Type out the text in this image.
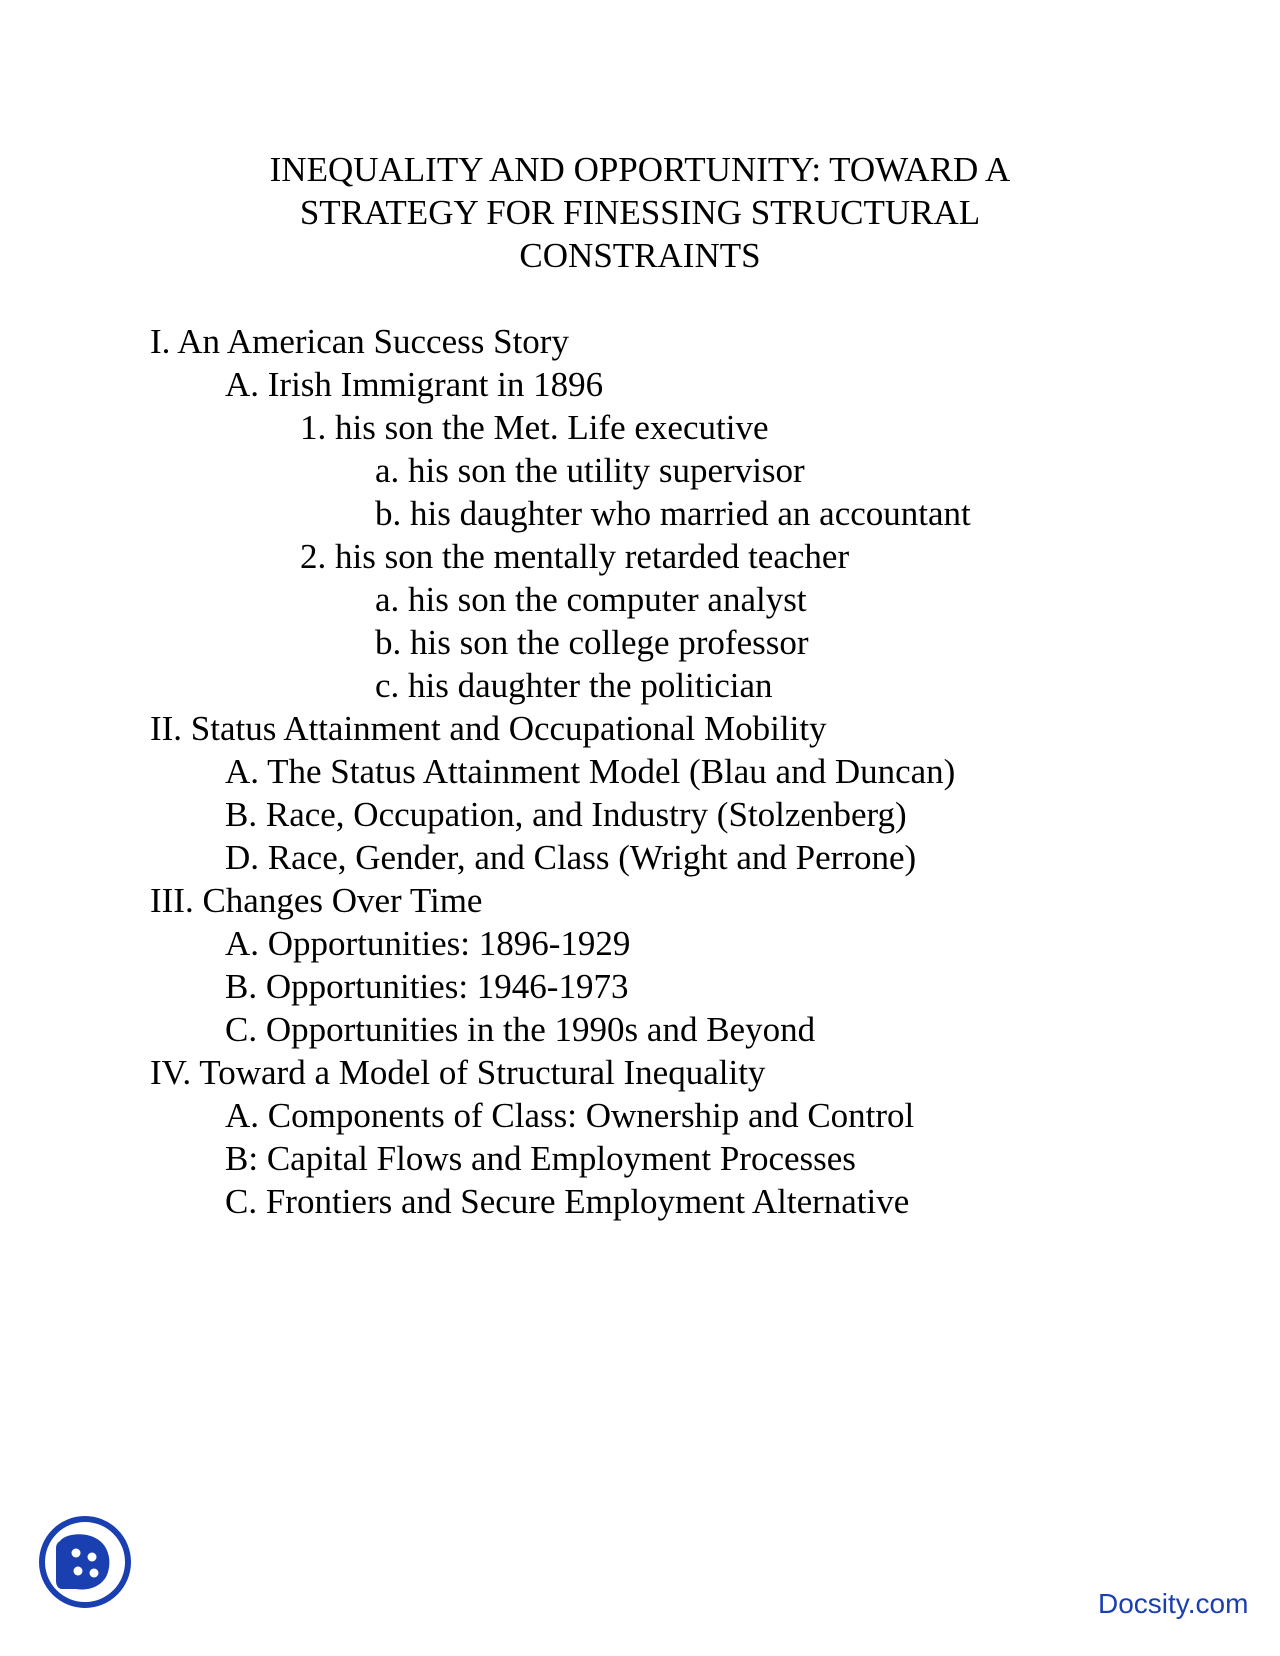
INEQUALITY AND OPPORTUNITY: TOWARD A
STRATEGY FOR FINESSING STRUCTURAL
CONSTRAINTS
I. An American Success Story
A. Irish Immigrant in 1896
1. his son the Met. Life executive
a. his son the utility supervisor
b. his daughter who married an accountant
2. his son the mentally retarded teacher
a. his son the computer analyst
b. his son the college professor
c. his daughter the politician
II. Status Attainment and Occupational Mobility
A. The Status Attainment Model (Blau and Duncan)
B. Race, Occupation, and Industry (Stolzenberg)
D. Race, Gender, and Class (Wright and Perrone)
III. Changes Over Time
A. Opportunities: 1896-1929
B. Opportunities: 1946-1973
C. Opportunities in the 1990s and Beyond
IV. Toward a Model of Structural Inequality
A. Components of Class: Ownership and Control
B: Capital Flows and Employment Processes
C. Frontiers and Secure Employment Alternative
Docsity.com
